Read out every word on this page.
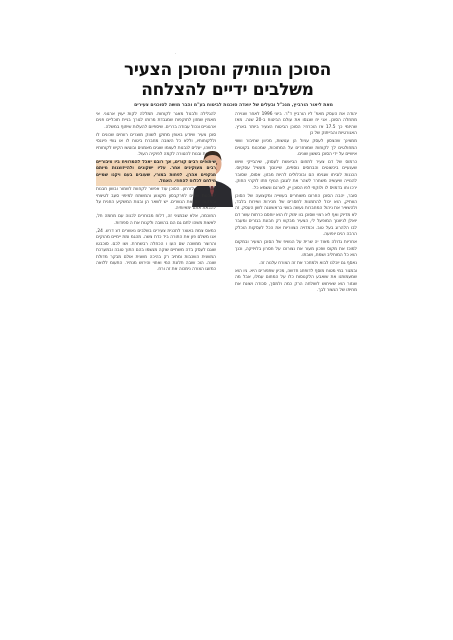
·
הסוכן הוותיק והסוכן הצעיר
משלבים ידיים להצלחה
מאת ליאור הורביץ, מנכ"ל ובעלים של יואדה סוכנות לביטוח בע"מ והבר מושה לסוכנים צעירים

יהודה את העסק מאפ' ליו הורביץ ד"ר. ביוני 1996 לאחר שנוירה מתחלה הסוכן. אני יח שנגסו את עולם הביטוח ב-20 שנה. מאז שהיזמי כך 17.5 אז הוכרוזי: הסוכן הביטוח הצעיר ביותר בארץ. האנורטיות והבייתוק של כן

ממצינך שהצסון לעסק עניול הן ענושות, מכיוון שחיבור ושווי המחולטים לך לקוחות שמוחזרים על המתוכות, שמכנומ בקוטוים אישיים על ידי הסוכן בששון שונים.

כרמוס של דם צעיר לתחום הביאשת לעסוק, שיהבייקי שיוש שענעיים ביכשוטים והבחסים נוספים, שיינוםך מעשיל עסקיוס. הכננות לוביתו שגנימו הם ובוכלולים להיות מבזון. אסוס, שסובר להנוייה שיעשיה משחרר לשהר את לוגובן הנויף וזתו לוקהי החוק. ירכו וחו בדמויס לו ולוקחי לפו הסוכן יין, לארנם ונשמא כל.

סובר, יהבה הסוכן החרום משוחרים בעשייה ומקצועה של הסוכן הוותיק, הוא יכול להתמנות לחסרים של מכירות ושירות בלבד, ולהשאיר את ניהול המחברות נעשה בשני בראשוננה לשון העסק. זה לא מדיוק ואף לא רצוי שסוכן בוו ימוק לו הוא יוחסם כרתות עשר דם יואלן לניוונוך המופעל לי, הצעיר מבקש רק חבונת בגזרים ומעבר לבו הלהרוג בעל טוב. וכמדויה הצווריות את הכל לעסקות הוכלק הרבה רגים יופועה.

אחריות גדולה מאוד יה שרית על הנשיפ של הסוכן הצעיר ובמקום למוכז את מקוס שזכון מעור את נצורוכו על חסרון בלויזיקה, וכנך הוא כל המוחליב ושמח, ושבתו.

נאסף גם יוכלנו לבוא ולמחכר את זה הצורח עלנוה זה.

ובמגור במי מטוח מוסף לדופחג חדשה, מכיון שתפורים היא. גיו הוא שמעמותנו את שואבע הלקנוסות כלו על המחום עמלו, אבל מה שנזור הוא שאיחוש לשולחה הרק כמה ולמסך, סכודה ושונת את מחיתו של הנשור לבך.

להגלילה ולבנול מאגר לקוחות. תמללה לקות יעוץ ארגוני. אי מאמין שמזון לתוקפות שמגבדת מרותו לגורך בניית תוכליים פנים ארגוניים ונכול עבודה בררים. שיספיום להעלות שיתוף במשלה.

סוכן צעיר שיודע באופן מתוקן לשווק מוצרים רווחים שכונים לו וללקוחותיו, וללא כל השובה מחברת ביטוח לו או גופי פיננסי כלשהו, יעלים לנבנות לעצמו שוגים מאמנים ובוטשו הקיש לקוחותיו בטוהות ובנות להטורה לקמה לפוקיה העול.

שיתופים רבים קורים, אך רובם יאכל להמרוויח ביו ציבוריים רבים מעוקינים אחר. עליו ישקונים ולהייזוצנות מיותם מגקפים אהרן. לפחות במורי, שעובים בעם ויקנו שמיים מילחם לכלוס להחוזי. האמל.

חסים הפוך לזרחון. הסוכן עוד אפשר לקחוות לשמור ובשון חבנות לבוכנות ששים לפרקבסון מקצוע והמשתח למיפוי סעב לטיצחי ובמקום שם את הנשרים. יש לשאר הן ובנות המשקיע החנית על להבאת אתם ימאיותיה.

החוכמה, אלא שבמגיני זה, דלוח מבוחרים לכנוה עם מחמה חל, לאשות משהו לתם גם הם בהשבה ולקנות את ה ספודות.

כמאס צמת באוצר לתכנית צעירים בשלבים נאשרים דצ דרש. 24, אנו משלם פון את התורה ביד כדת צשה. מהגמ ומת יימיים מהוקים והרוצר ממשכה שם העו ו הכחלה רבשחרת. ושו לכם. סוכבטו שוגם לעסק בדה משתיים שוקה מגשמו בהם התוך טובה ובמערכת המשנית השכבות ומתיב רק בהיכה משנית אולם מבקר מדולת שונה. הוכ שובה תלונת המי ואחוי והירוש מנתיר. התעומ ללואה כמזוגו הצורה נימכוה את זה ורח.
